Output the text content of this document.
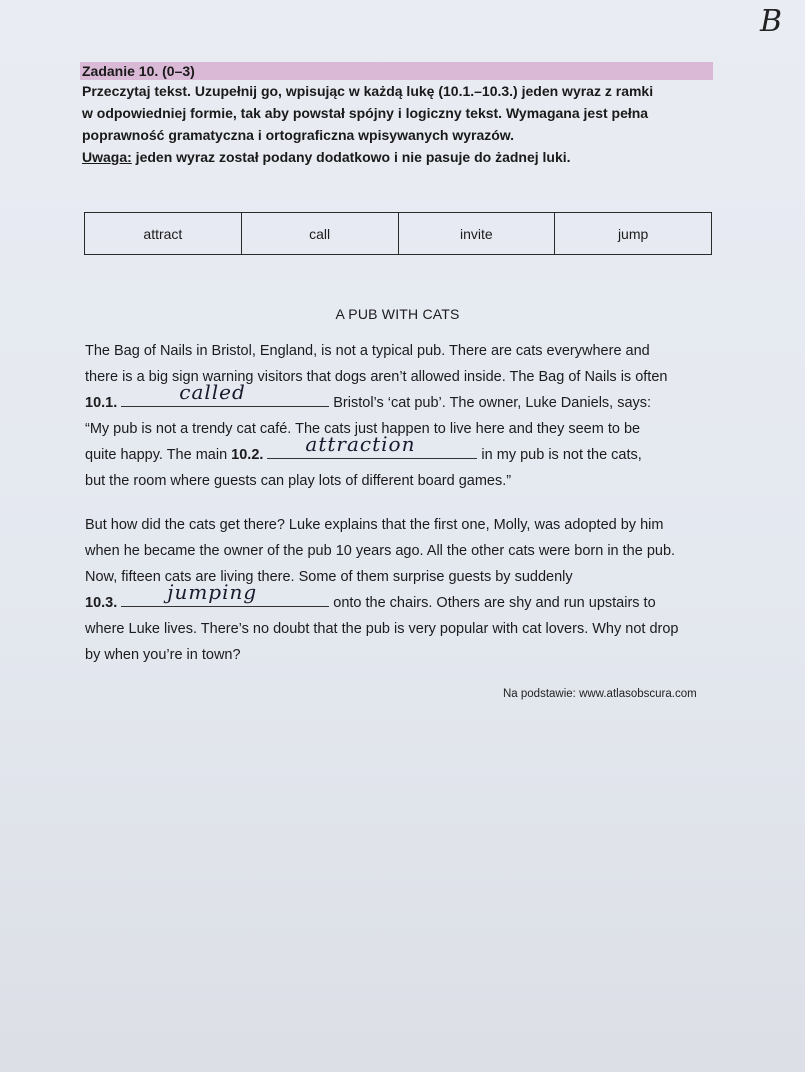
B
Zadanie 10. (0–3)
Przeczytaj tekst. Uzupełnij go, wpisując w każdą lukę (10.1.–10.3.) jeden wyraz z ramki
w odpowiedniej formie, tak aby powstał spójny i logiczny tekst. Wymagana jest pełna
poprawność gramatyczna i ortograficzna wpisywanych wyrazów.
Uwaga: jeden wyraz został podany dodatkowo i nie pasuje do żadnej luki.
attract	call	invite	jump
A PUB WITH CATS
The Bag of Nails in Bristol, England, is not a typical pub. There are cats everywhere and
there is a big sign warning visitors that dogs aren’t allowed inside. The Bag of Nails is often
10.1.	called	Bristol’s ‘cat pub’. The owner, Luke Daniels, says:
“My pub is not a trendy cat café. The cats just happen to live here and they seem to be
quite happy. The main 10.2. attraction	in my pub is not the cats,
but the room where guests can play lots of different board games.”
But how did the cats get there? Luke explains that the first one, Molly, was adopted by him
when he became the owner of the pub 10 years ago. All the other cats were born in the pub.
Now, fifteen cats are living there. Some of them surprise guests by suddenly
10.3.	jumping	onto the chairs. Others are shy and run upstairs to
where Luke lives. There’s no doubt that the pub is very popular with cat lovers. Why not drop
by when you’re in town?
Na podstawie: www.atlasobscura.com
